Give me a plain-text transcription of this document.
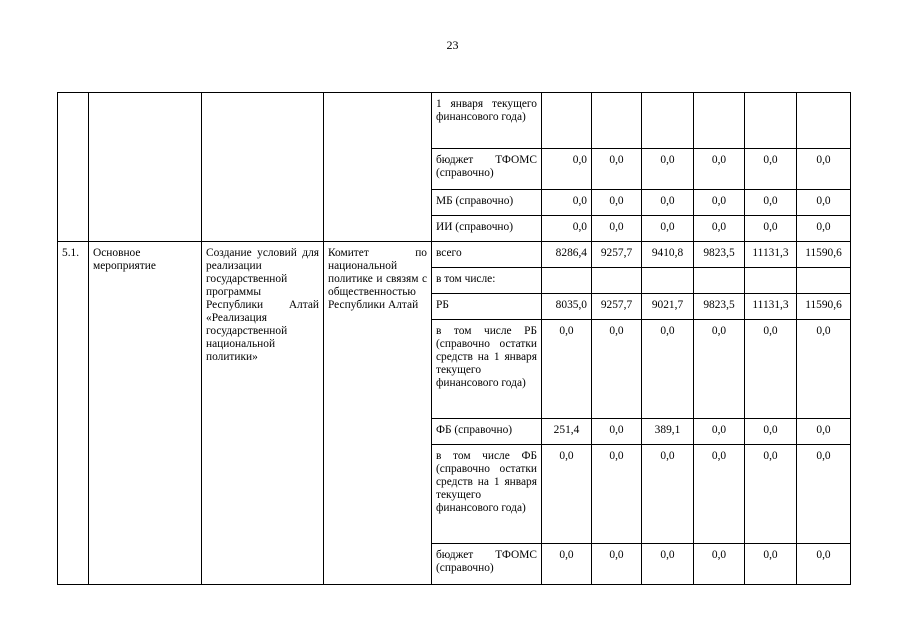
23
				1 января текущего финансового года)						
				бюджет ТФОМС (справочно)	0,0	0,0	0,0	0,0	0,0	0,0
				МБ (справочно)	0,0	0,0	0,0	0,0	0,0	0,0
				ИИ (справочно)	0,0	0,0	0,0	0,0	0,0	0,0
5.1.	Основное мероприятие	Создание условий для реализации государственной программы Республики Алтай «Реализация государственной национальной политики»	Комитет по национальной политике и связям с общественностью Республики Алтай	всего	8286,4	9257,7	9410,8	9823,5	11131,3	11590,6
				в том числе:						
				РБ	8035,0	9257,7	9021,7	9823,5	11131,3	11590,6
				в том числе РБ (справочно остатки средств на 1 января текущего финансового года)	0,0	0,0	0,0	0,0	0,0	0,0
				ФБ (справочно)	251,4	0,0	389,1	0,0	0,0	0,0
				в том числе ФБ (справочно остатки средств на 1 января текущего финансового года)	0,0	0,0	0,0	0,0	0,0	0,0
				бюджет ТФОМС (справочно)	0,0	0,0	0,0	0,0	0,0	0,0
